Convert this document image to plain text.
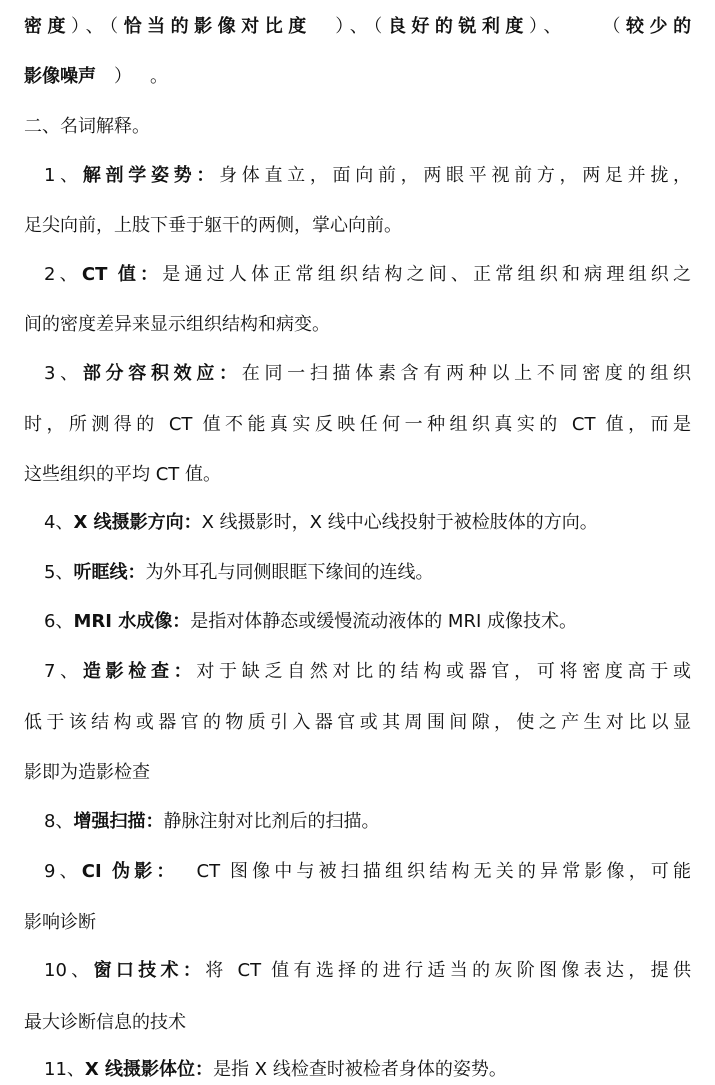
密度）、（恰当的影像对比度 ）、（良好的锐利度）、 （较少的
影像噪声 ） 。
二、名词解释。
1、解剖学姿势：身体直立，面向前，两眼平视前方，两足并拢，
足尖向前，上肢下垂于躯干的两侧，掌心向前。
2、CT 值：是通过人体正常组织结构之间、正常组织和病理组织之
间的密度差异来显示组织结构和病变。
3、部分容积效应：在同一扫描体素含有两种以上不同密度的组织
时，所测得的 CT 值不能真实反映任何一种组织真实的 CT 值，而是
这些组织的平均 CT 值。
4、X 线摄影方向：X 线摄影时，X 线中心线投射于被检肢体的方向。
5、听眶线：为外耳孔与同侧眼眶下缘间的连线。
6、MRI 水成像：是指对体静态或缓慢流动液体的 MRI 成像技术。
7、造影检查：对于缺乏自然对比的结构或器官，可将密度高于或
低于该结构或器官的物质引入器官或其周围间隙，使之产生对比以显
影即为造影检查
8、增强扫描：静脉注射对比剂后的扫描。
9、CI 伪影： CT 图像中与被扫描组织结构无关的异常影像，可能
影响诊断
10、窗口技术：将 CT 值有选择的进行适当的灰阶图像表达，提供
最大诊断信息的技术
11、X 线摄影体位：是指 X 线检查时被检者身体的姿势。
